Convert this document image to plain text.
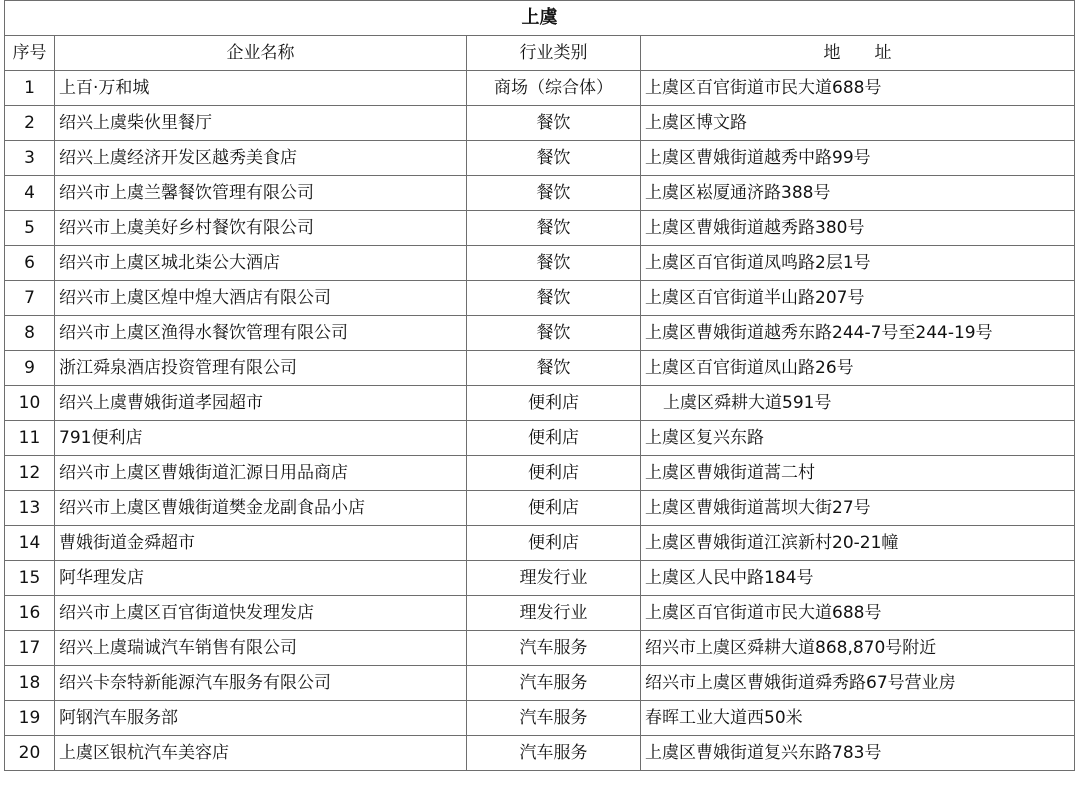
上虞			
序号	企业名称	行业类别	地　　址
1	上百·万和城	商场（综合体）	上虞区百官街道市民大道688号
2	绍兴上虞柴伙里餐厅	餐饮	上虞区博文路
3	绍兴上虞经济开发区越秀美食店	餐饮	上虞区曹娥街道越秀中路99号
4	绍兴市上虞兰馨餐饮管理有限公司	餐饮	上虞区崧厦通济路388号
5	绍兴市上虞美好乡村餐饮有限公司	餐饮	上虞区曹娥街道越秀路380号
6	绍兴市上虞区城北柒公大酒店	餐饮	上虞区百官街道凤鸣路2层1号
7	绍兴市上虞区煌中煌大酒店有限公司	餐饮	上虞区百官街道半山路207号
8	绍兴市上虞区渔得水餐饮管理有限公司	餐饮	上虞区曹娥街道越秀东路244-7号至244-19号
9	浙江舜泉酒店投资管理有限公司	餐饮	上虞区百官街道凤山路26号
10	绍兴上虞曹娥街道孝园超市	便利店	上虞区舜耕大道591号
11	791便利店	便利店	上虞区复兴东路
12	绍兴市上虞区曹娥街道汇源日用品商店	便利店	上虞区曹娥街道蒿二村
13	绍兴市上虞区曹娥街道樊金龙副食品小店	便利店	上虞区曹娥街道蒿坝大街27号
14	曹娥街道金舜超市	便利店	上虞区曹娥街道江滨新村20-21幢
15	阿华理发店	理发行业	上虞区人民中路184号
16	绍兴市上虞区百官街道快发理发店	理发行业	上虞区百官街道市民大道688号
17	绍兴上虞瑞诚汽车销售有限公司	汽车服务	绍兴市上虞区舜耕大道868,870号附近
18	绍兴卡奈特新能源汽车服务有限公司	汽车服务	绍兴市上虞区曹娥街道舜秀路67号营业房
19	阿钢汽车服务部	汽车服务	春晖工业大道西50米
20	上虞区银杭汽车美容店	汽车服务	上虞区曹娥街道复兴东路783号
